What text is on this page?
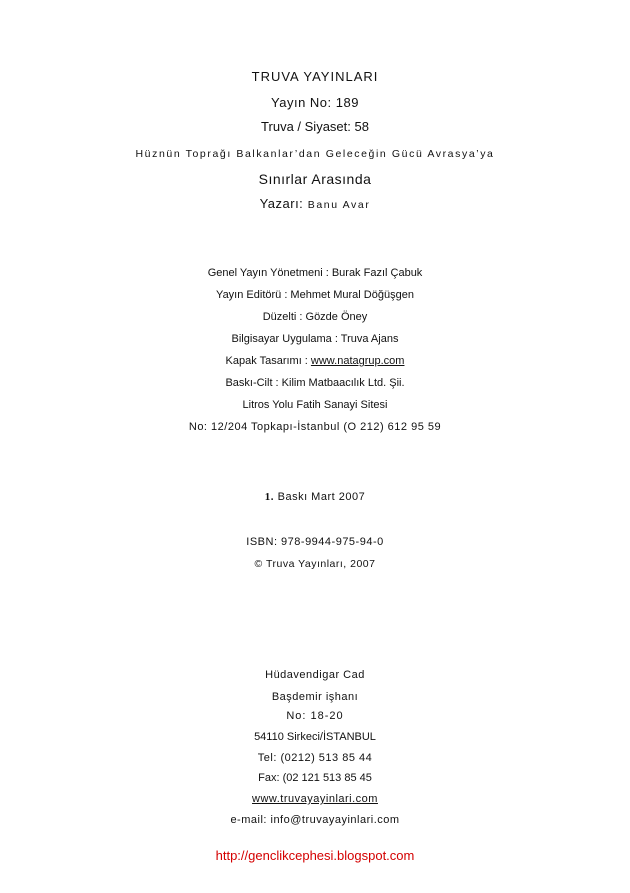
TRUVA YAYINLARI
Yayın No: 189
Truva / Siyaset: 58
Hüznün Toprağı Balkanlar’dan Geleceğin Gücü Avrasya’ya
Sınırlar Arasında
Yazarı: Banu Avar
Genel Yayın Yönetmeni : Burak Fazıl Çabuk
Yayın Editörü : Mehmet Mural Döğüşgen
Düzelti : Gözde Öney
Bilgisayar Uygulama : Truva Ajans
Kapak Tasarımı : www.natagrup.com
Baskı-Cilt : Kilim Matbaacılık Ltd. Şii.
Litros Yolu Fatih Sanayi Sitesi
No: 12/204 Topkapı-İstanbul (O 212) 612 95 59
1. Baskı Mart 2007
ISBN: 978-9944-975-94-0
© Truva Yayınları, 2007
Hüdavendigar Cad
Başdemir işhanı
No: 18-20
54110 Sirkeci/İSTANBUL
Tel: (0212) 513 85 44
Fax: (02 121 513 85 45
www.truvayayinlari.com
e-mail: info@truvayayinlari.com
http://genclikcephesi.blogspot.com
